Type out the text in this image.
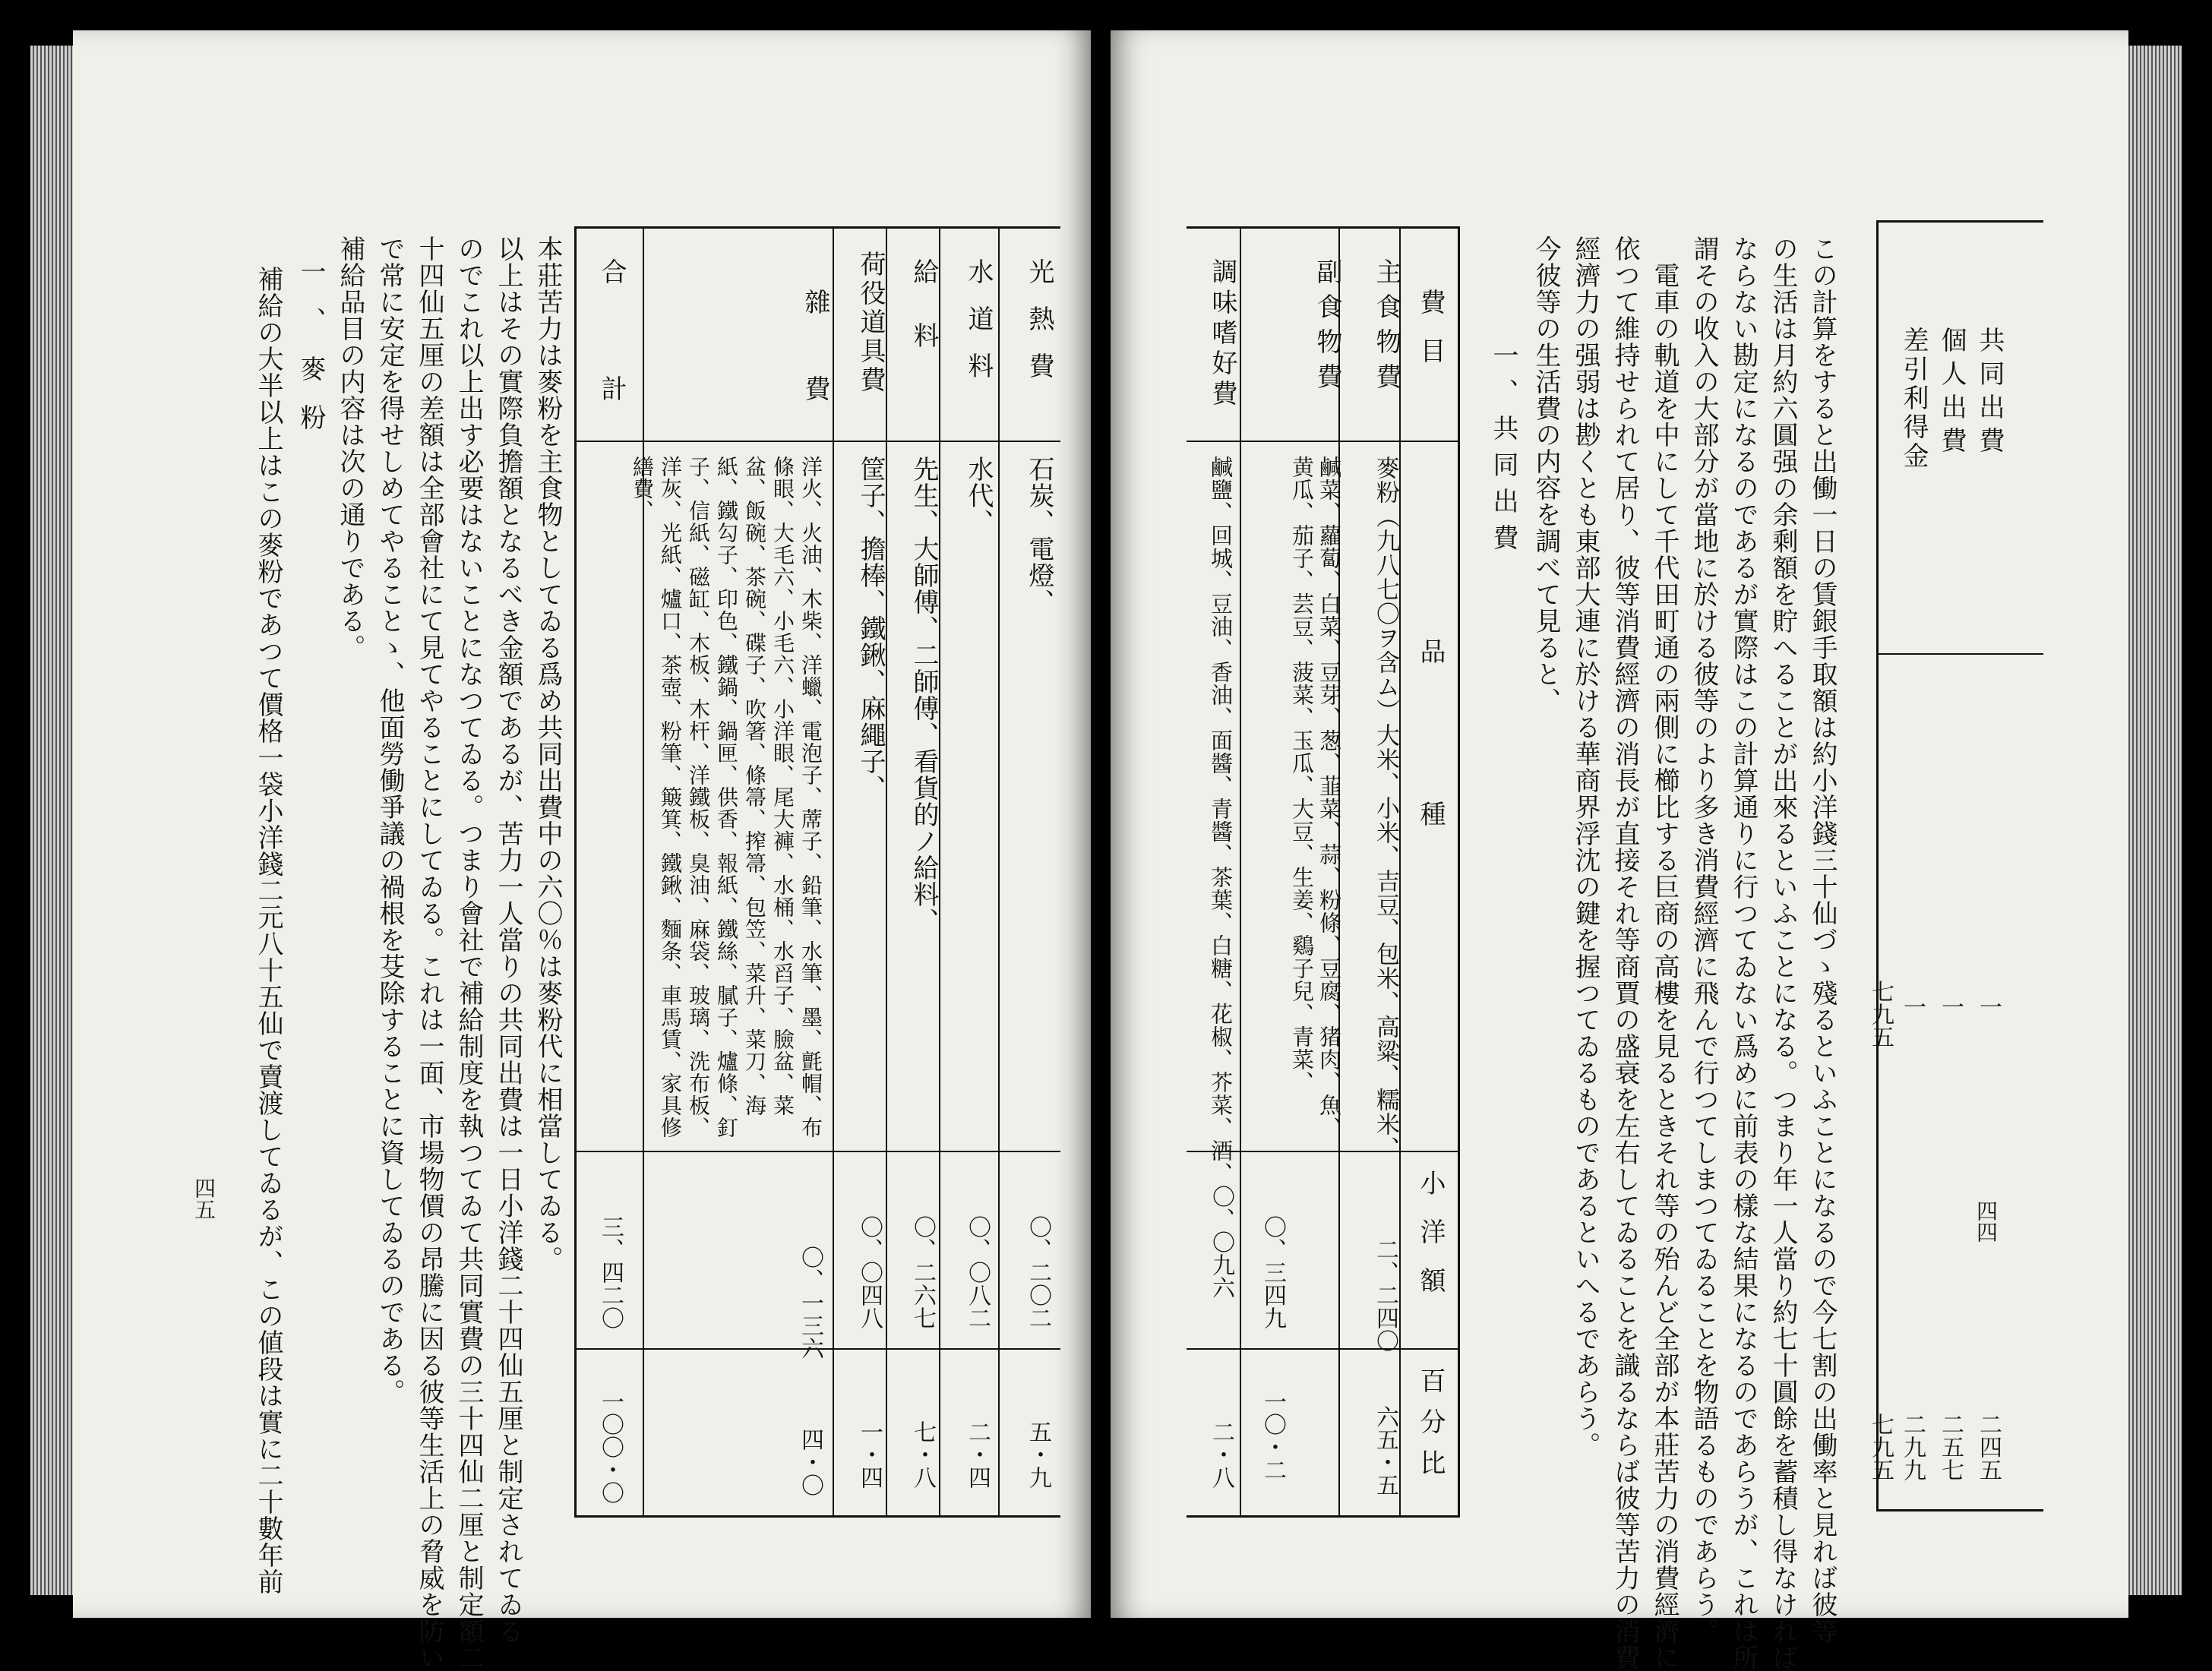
四四
共同出費
個人出費
差引利得金
一
一
一
七九五
二四五
二五七
二九九
七九五
この計算をすると出働一日の賃銀手取額は約小洋錢三十仙づゝ殘るといふことになるので今七割の出働率と見れば彼等
の生活は月約六圓强の余剩額を貯へることが出來るといふことになる。つまり年一人當り約七十圓餘を蓄積し得なければ
ならない勘定になるのであるが實際はこの計算通りに行つてゐない爲めに前表の樣な結果になるのであらうが、これは所
謂その收入の大部分が當地に於ける彼等のより多き消費經濟に飛んで行つてしまつてゐることを物語るものであらう。
電車の軌道を中にして千代田町通の兩側に櫛比する巨商の高樓を見るときそれ等の殆んど全部が本莊苦力の消費經濟に
依つて維持せられて居り、彼等消費經濟の消長が直接それ等商賈の盛衰を左右してゐることを識るならば彼等苦力の消費
經濟力の强弱は尠くとも東部大連に於ける華商界浮沈の鍵を握つてゐるものであるといへるであらう。
今彼等の生活費の内容を調べて見ると、
一、共同出費
費目
品種
小洋額
百分比
主食物費
麥粉（九八七〇ヲ含ム）大米、小米、吉豆、包米、高粱、糯米、
二、二四〇
六五・五
副食物費
鹹菜、蘿蔔、白菜、豆芽、葱、韮菜、蒜、粉條、豆腐、猪肉、魚、黄瓜、茄子、芸豆、菠菜、玉瓜、大豆、生姜、鷄子兒、青菜、
〇、三四九
一〇・二
調味嗜好費
鹹鹽、回城、豆油、香油、面醬、青醬、茶葉、白糖、花椒、芥菜、酒、
〇、〇九六
二・八
光熱費
石炭、電燈、
〇、二〇二
五・九
水道料
水代、
〇、〇八二
二・四
給料
先生、大師傅、二師傅、看貨的ノ給料、
〇、二六七
七・八
荷役道具費
筐子、擔棒、鐵鍬、麻繩子、
〇、〇四八
一・四
雜費
洋火、火油、木柴、洋蠟、電泡子、蓆子、鉛筆、水筆、墨、氈帽、布條眼、大毛六、小毛六、小洋眼、尾大褲、水桶、水舀子、臉盆、菜盆、飯碗、茶碗、碟子、吹箸、條箒、搾箒、包笠、菜升、菜刀、海紙、鐵勾子、印色、鐵鍋、鍋匣、供香、報紙、鐵絲、膩子、爐條、釘子、信紙、磁缸、木板、木杆、洋鐵板、臭油、麻袋、玻璃、洗布板、洋灰、光紙、爐口、茶壺、粉筆、簸箕、鐵鍬、麵条、車馬賃、家具修繕費、
〇、一三六
四・〇
合計
三、四二〇
一〇〇・〇
本莊苦力は麥粉を主食物としてゐる爲め共同出費中の六〇％は麥粉代に相當してゐる。
以上はその實際負擔額となるべき金額であるが、苦力一人當りの共同出費は一日小洋錢二十四仙五厘と制定されてゐる
のでこれ以上出す必要はないことになつてゐる。つまり會社で補給制度を執つてゐて共同實費の三十四仙二厘と制定額二
十四仙五厘の差額は全部會社にて見てやることにしてゐる。これは一面、市場物價の昂騰に因る彼等生活上の脅威を防い
で常に安定を得せしめてやることゝ、他面勞働爭議の禍根を芟除することに資してゐるのである。
補給品目の内容は次の通りである。
一、麥粉
補給の大半以上はこの麥粉であつて價格一袋小洋錢二元八十五仙で賣渡してゐるが、この値段は實に二十數年前
四五
